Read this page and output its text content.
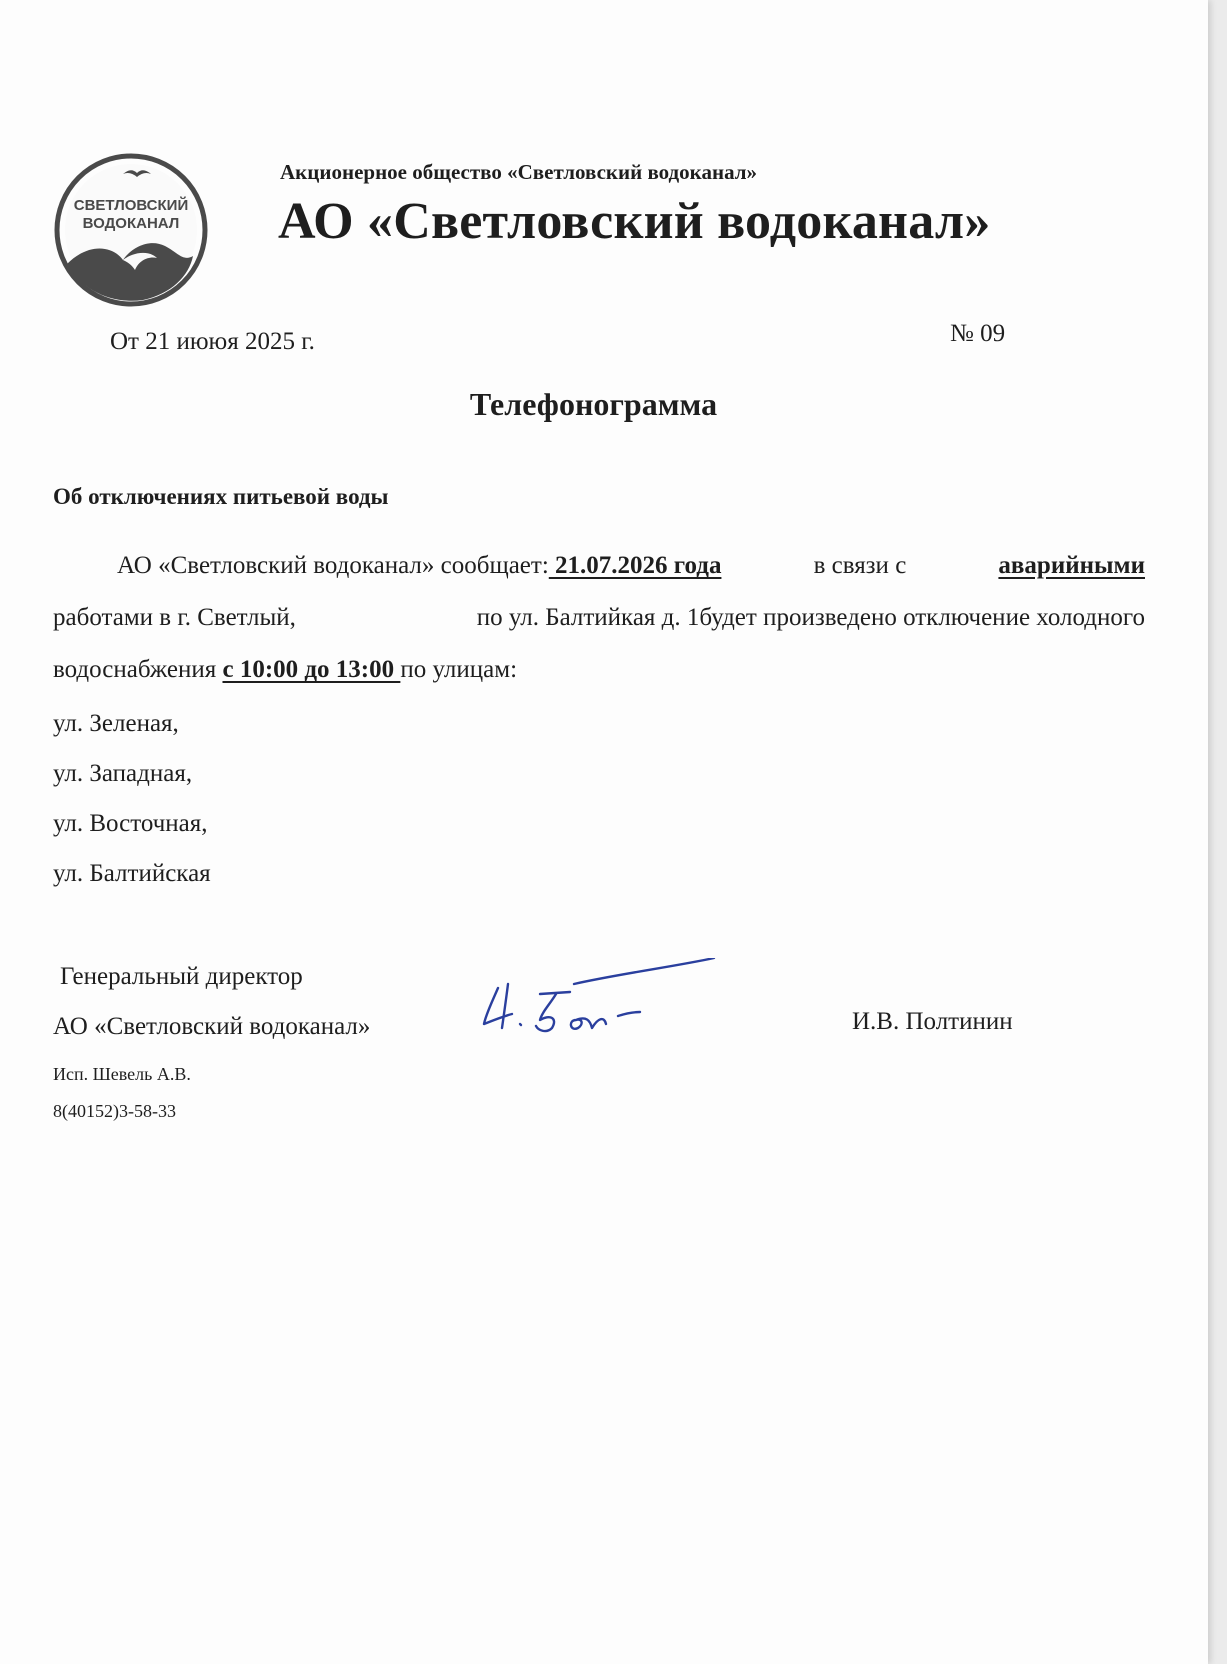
СВЕТЛОВСКИЙ
ВОДОКАНАЛ
Акционерное общество «Светловский водоканал»
АО «Светловский водоканал»
От 21 иююя 2025 г.	№ 09
Телефонограмма
Об отключениях питьевой воды
АО «Светловский водоканал» сообщает: 21.07.2026 года	в связи с	аварийными
работами в г. Светлый,	по ул. Балтийкая д. 1будет произведено отключение холодного
водоснабжения с 10:00 до 13:00 по улицам:
ул. Зеленая,
ул. Западная,
ул. Восточная,
ул. Балтийская
Генеральный директор
АО «Светловский водоканал»	И.В. Полтинин
Исп. Шевель А.В.
8(40152)3-58-33
